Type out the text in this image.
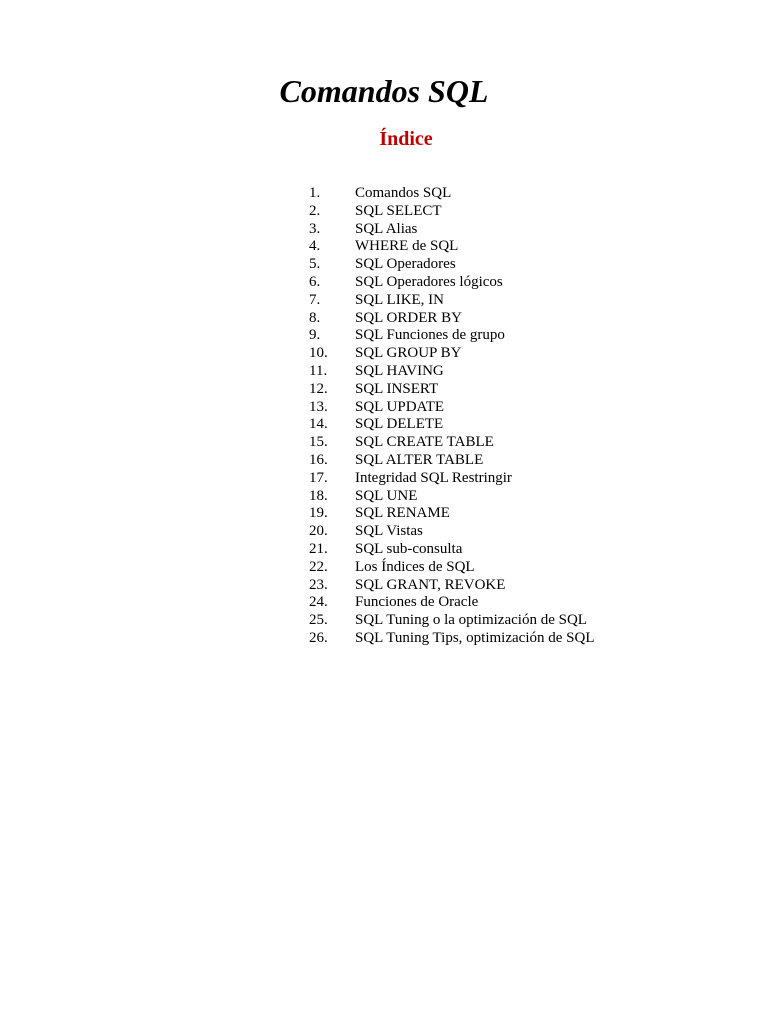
Comandos SQL
Índice
1.	Comandos SQL
2.	SQL SELECT
3.	SQL Alias
4.	WHERE de SQL
5.	SQL Operadores
6.	SQL Operadores lógicos
7.	SQL LIKE, IN
8.	SQL ORDER BY
9.	SQL Funciones de grupo
10.	SQL GROUP BY
11.	SQL HAVING
12.	SQL INSERT
13.	SQL UPDATE
14.	SQL DELETE
15.	SQL CREATE TABLE
16.	SQL ALTER TABLE
17.	Integridad SQL Restringir
18.	SQL UNE
19.	SQL RENAME
20.	SQL Vistas
21.	SQL sub-consulta
22.	Los Índices de SQL
23.	SQL GRANT, REVOKE
24.	Funciones de Oracle
25.	SQL Tuning o la optimización de SQL
26.	SQL Tuning Tips, optimización de SQL
